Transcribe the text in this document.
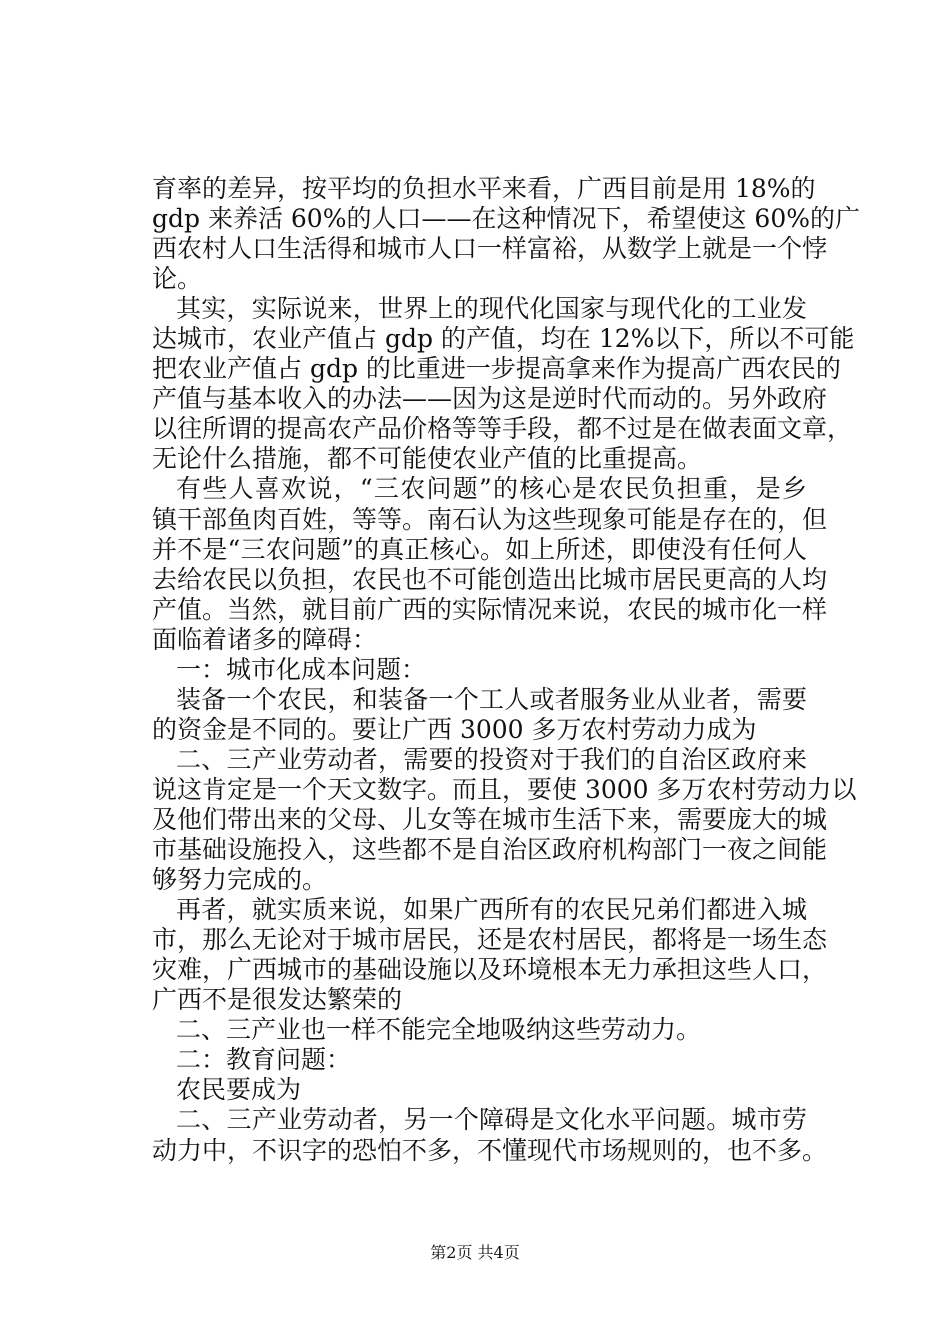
育率的差异，按平均的负担水平来看，广西目前是用 18%的
gdp 来养活 60%的人口——在这种情况下，希望使这 60%的广
西农村人口生活得和城市人口一样富裕，从数学上就是一个悖
论。
其实，实际说来，世界上的现代化国家与现代化的工业发
达城市，农业产值占 gdp 的产值，均在 12%以下，所以不可能
把农业产值占 gdp 的比重进一步提高拿来作为提高广西农民的
产值与基本收入的办法——因为这是逆时代而动的。另外政府
以往所谓的提高农产品价格等等手段，都不过是在做表面文章，
无论什么措施，都不可能使农业产值的比重提高。
有些人喜欢说，“三农问题”的核心是农民负担重，是乡
镇干部鱼肉百姓，等等。南石认为这些现象可能是存在的，但
并不是“三农问题”的真正核心。如上所述，即使没有任何人
去给农民以负担，农民也不可能创造出比城市居民更高的人均
产值。当然，就目前广西的实际情况来说，农民的城市化一样
面临着诸多的障碍：
一：城市化成本问题：
装备一个农民，和装备一个工人或者服务业从业者，需要
的资金是不同的。要让广西 3000 多万农村劳动力成为
二、三产业劳动者，需要的投资对于我们的自治区政府来
说这肯定是一个天文数字。而且，要使 3000 多万农村劳动力以
及他们带出来的父母、儿女等在城市生活下来，需要庞大的城
市基础设施投入，这些都不是自治区政府机构部门一夜之间能
够努力完成的。
再者，就实质来说，如果广西所有的农民兄弟们都进入城
市，那么无论对于城市居民，还是农村居民，都将是一场生态
灾难，广西城市的基础设施以及环境根本无力承担这些人口，
广西不是很发达繁荣的
二、三产业也一样不能完全地吸纳这些劳动力。
二：教育问题：
农民要成为
二、三产业劳动者，另一个障碍是文化水平问题。城市劳
动力中，不识字的恐怕不多，不懂现代市场规则的，也不多。
第2页 共4页
